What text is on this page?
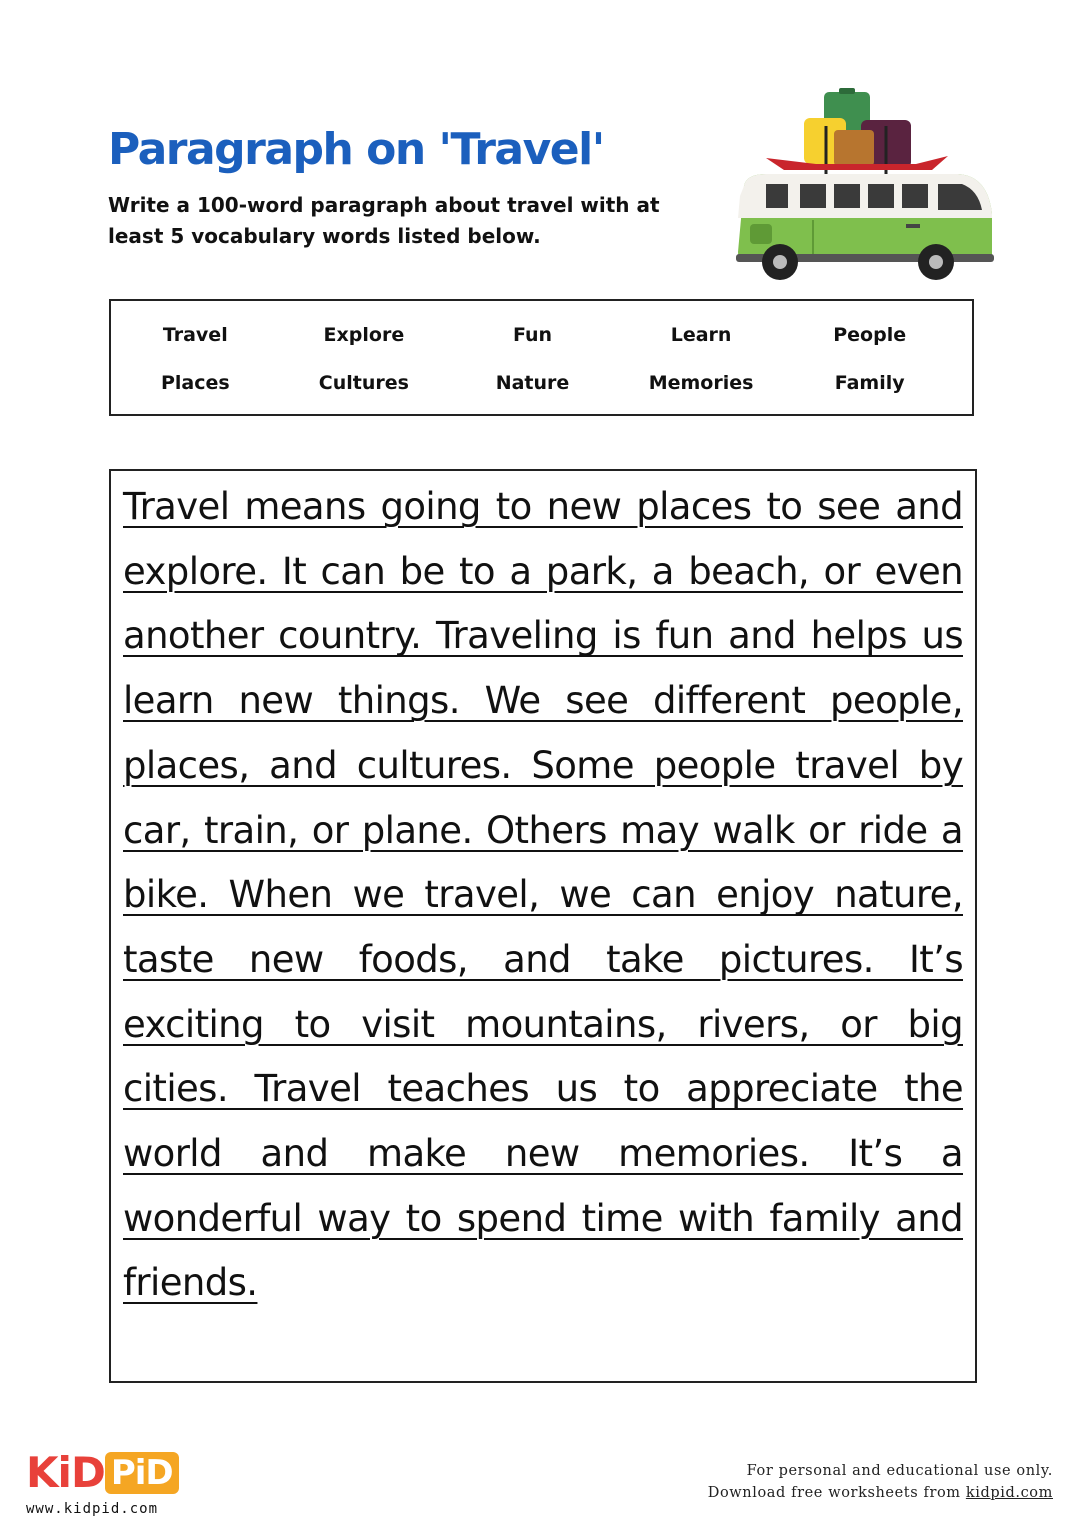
Paragraph on 'Travel'
Write a 100-word paragraph about travel with at least 5 vocabulary words listed below.
Travel	Explore	Fun	Learn	People
Places	Cultures	Nature	Memories	Family
Travel means going to new places to see and explore. It can be to a park, a beach, or even another country. Traveling is fun and helps us learn new things. We see different people, places, and cultures. Some people travel by car, train, or plane. Others may walk or ride a bike. When we travel, we can enjoy nature, taste new foods, and take pictures. It’s exciting to visit mountains, rivers, or big cities. Travel teaches us to appreciate the world and make new memories. It’s a wonderful way to spend time with family and friends.
KiD PiD
www.kidpid.com
For personal and educational use only.
Download free worksheets from kidpid.com
